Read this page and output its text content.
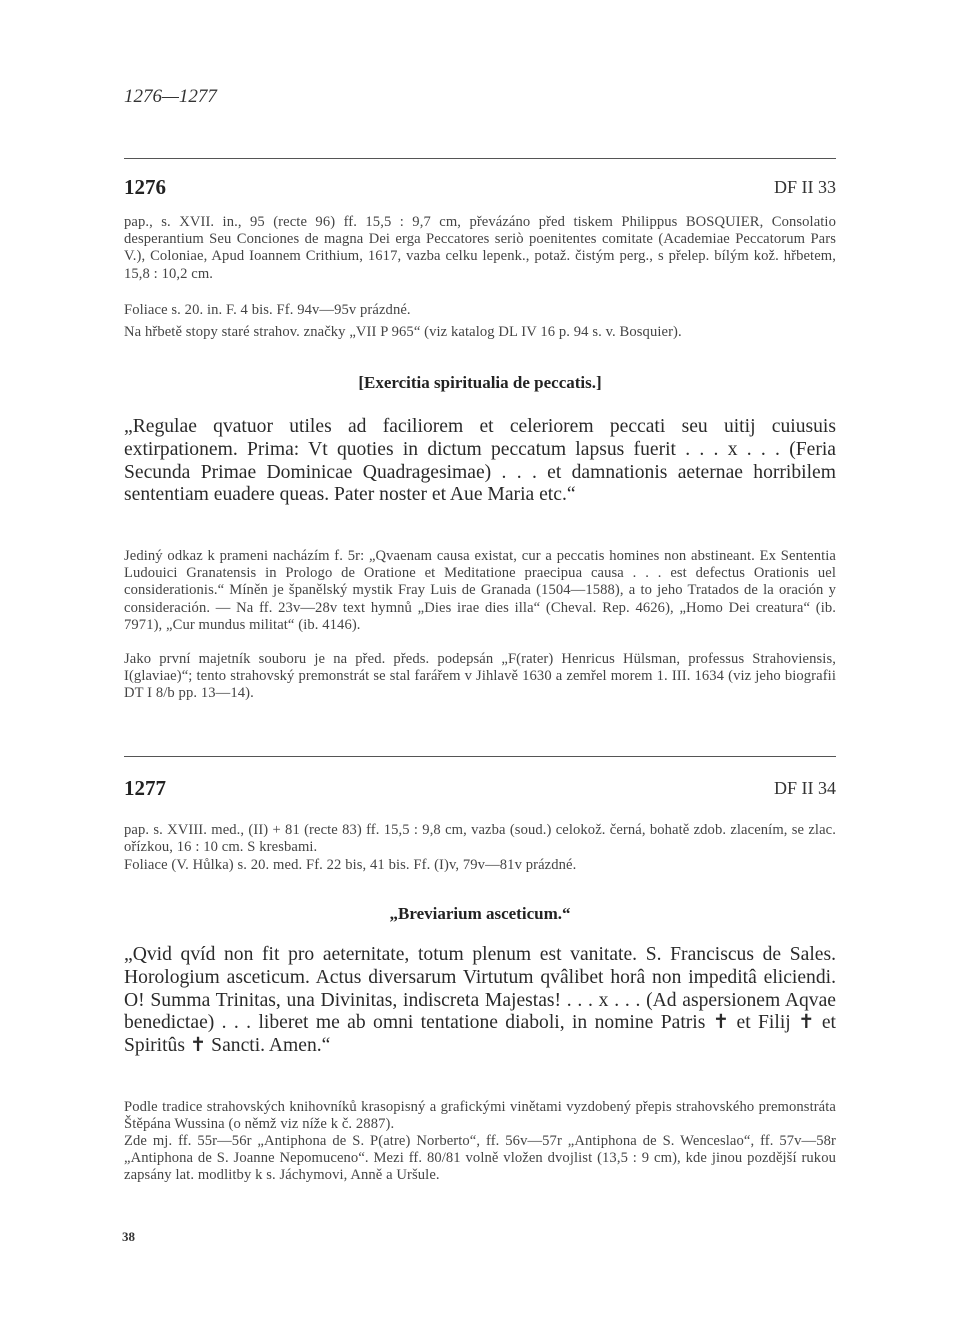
1276—1277
1276	DF II 33

pap., s. XVII. in., 95 (recte 96) ff. 15,5 : 9,7 cm, převázáno před tiskem Philippus BOSQUIER, Consolatio desperantium Seu Conciones de magna Dei erga Peccatores seriò poenitentes comitate (Academiae Peccatorum Pars V.), Coloniae, Apud Ioannem Crithium, 1617, vazba celku lepenk., potaž. čistým perg., s přelep. bílým kož. hřbetem, 15,8 : 10,2 cm.

Foliace s. 20. in. F. 4 bis. Ff. 94v—95v prázdné.

Na hřbetě stopy staré strahov. značky „VII P 965“ (viz katalog DL IV 16 p. 94 s. v. Bosquier).

[Exercitia spiritualia de peccatis.]

„Regulae qvatuor utiles ad faciliorem et celeriorem peccati seu uitij cuiusuis extirpationem. Prima: Vt quoties in dictum peccatum lapsus fuerit . . . x . . . (Feria Secunda Primae Dominicae Quadragesimae) . . . et damnationis aeternae horribilem sententiam euadere queas. Pater noster et Aue Maria etc.“

Jediný odkaz k prameni nacházím f. 5r: „Qvaenam causa existat, cur a peccatis homines non abstineant. Ex Sententia Ludouici Granatensis in Prologo de Oratione et Meditatione praecipua causa . . . est defectus Orationis uel considerationis.“ Míněn je španělský mystik Fray Luis de Granada (1504—1588), a to jeho Tratados de la oración y consideración. — Na ff. 23v—28v text hymnů „Dies irae dies illa“ (Cheval. Rep. 4626), „Homo Dei creatura“ (ib. 7971), „Cur mundus militat“ (ib. 4146).

Jako první majetník souboru je na před. předs. podepsán „F(rater) Henricus Hülsman, professus Strahoviensis, I(glaviae)“; tento strahovský premonstrát se stal farářem v Jihlavě 1630 a zemřel morem 1. III. 1634 (viz jeho biografii DT I 8/b pp. 13—14).

1277	DF II 34

pap. s. XVIII. med., (II) + 81 (recte 83) ff. 15,5 : 9,8 cm, vazba (soud.) celokož. černá, bohatě zdob. zlacením, se zlac. ořízkou, 16 : 10 cm. S kresbami.

Foliace (V. Hůlka) s. 20. med. Ff. 22 bis, 41 bis. Ff. (I)v, 79v—81v prázdné.

„Breviarium asceticum.“

„Qvid qvíd non fit pro aeternitate, totum plenum est vanitate. S. Franciscus de Sales. Horologium asceticum. Actus diversarum Virtutum qvâlibet horâ non impeditâ eliciendi. O! Summa Trinitas, una Divinitas, indiscreta Majestas! . . . x . . . (Ad aspersionem Aqvae benedictae) . . . liberet me ab omni tentatione diaboli, in nomine Patris ✝ et Filij ✝ et Spiritûs ✝ Sancti. Amen.“

Podle tradice strahovských knihovníků krasopisný a grafickými vinětami vyzdobený přepis strahovského premonstráta Štěpána Wussina (o němž viz níže k č. 2887).

Zde mj. ff. 55r—56r „Antiphona de S. P(atre) Norberto“, ff. 56v—57r „Antiphona de S. Wenceslao“, ff. 57v—58r „Antiphona de S. Joanne Nepomuceno“. Mezi ff. 80/81 volně vložen dvojlist (13,5 : 9 cm), kde jinou pozdější rukou zapsány lat. modlitby k s. Jáchymovi, Anně a Uršule.

38
